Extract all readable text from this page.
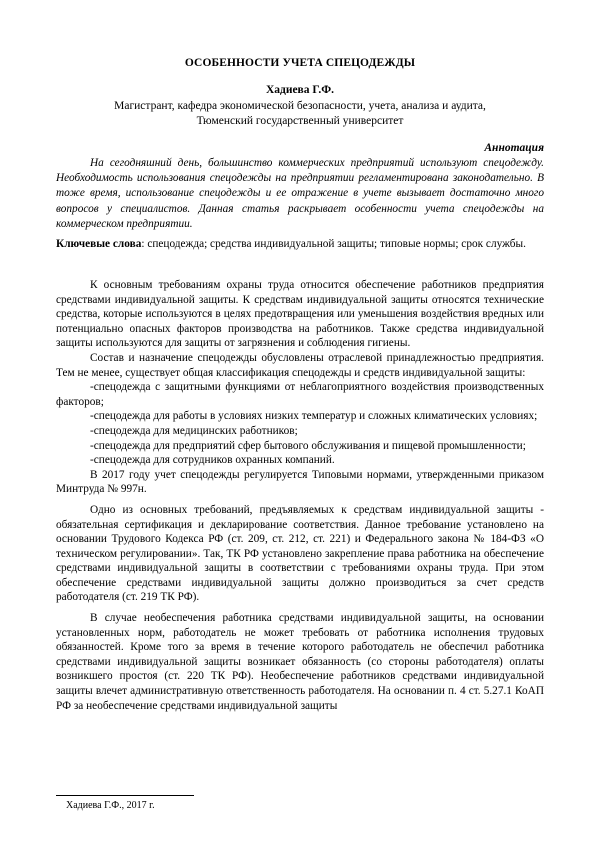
ОСОБЕННОСТИ УЧЕТА СПЕЦОДЕЖДЫ
Хадиева Г.Ф.
Магистрант, кафедра экономической безопасности, учета, анализа и аудита,
Тюменский государственный университет
Аннотация

На сегодняшний день, большинство коммерческих предприятий используют спецодежду. Необходимость использования спецодежды на предприятии регламентирована законодательно. В тоже время, использование спецодежды и ее отражение в учете вызывает достаточно много вопросов у специалистов. Данная статья раскрывает особенности учета спецодежды на коммерческом предприятии.

Ключевые слова: спецодежда; средства индивидуальной защиты; типовые нормы; срок службы.

К основным требованиям охраны труда относится обеспечение работников предприятия средствами индивидуальной защиты. К средствам индивидуальной защиты относятся технические средства, которые используются в целях предотвращения или уменьшения воздействия вредных или потенциально опасных факторов производства на работников. Также средства индивидуальной защиты используются для защиты от загрязнения и соблюдения гигиены.

Состав и назначение спецодежды обусловлены отраслевой принадлежностью предприятия. Тем не менее, существует общая классификация спецодежды и средств индивидуальной защиты:

-спецодежда с защитными функциями от неблагоприятного воздействия производственных факторов;

-спецодежда для работы в условиях низких температур и сложных климатических условиях;

-спецодежда для медицинских работников;

-спецодежда для предприятий сфер бытового обслуживания и пищевой промышленности;

-спецодежда для сотрудников охранных компаний.

В 2017 году учет спецодежды регулируется Типовыми нормами, утвержденными приказом Минтруда № 997н.

Одно из основных требований, предъявляемых к средствам индивидуальной защиты - обязательная сертификация и декларирование соответствия. Данное требование установлено на основании Трудового Кодекса РФ (ст. 209, ст. 212, ст. 221) и Федерального закона № 184-ФЗ «О техническом регулировании». Так, ТК РФ установлено закрепление права работника на обеспечение средствами индивидуальной защиты в соответствии с требованиями охраны труда. При этом обеспечение средствами индивидуальной защиты должно производиться за счет средств работодателя (ст. 219 ТК РФ).

В случае необеспечения работника средствами индивидуальной защиты, на основании установленных норм, работодатель не может требовать от работника исполнения трудовых обязанностей. Кроме того за время в течение которого работодатель не обеспечил работника средствами индивидуальной защиты возникает обязанность (со стороны работодателя) оплаты возникшего простоя (ст. 220 ТК РФ). Необеспечение работников средствами индивидуальной защиты влечет административную ответственность работодателя. На основании п. 4 ст. 5.27.1 КоАП РФ за необеспечение средствами индивидуальной защиты

Хадиева Г.Ф., 2017 г.
